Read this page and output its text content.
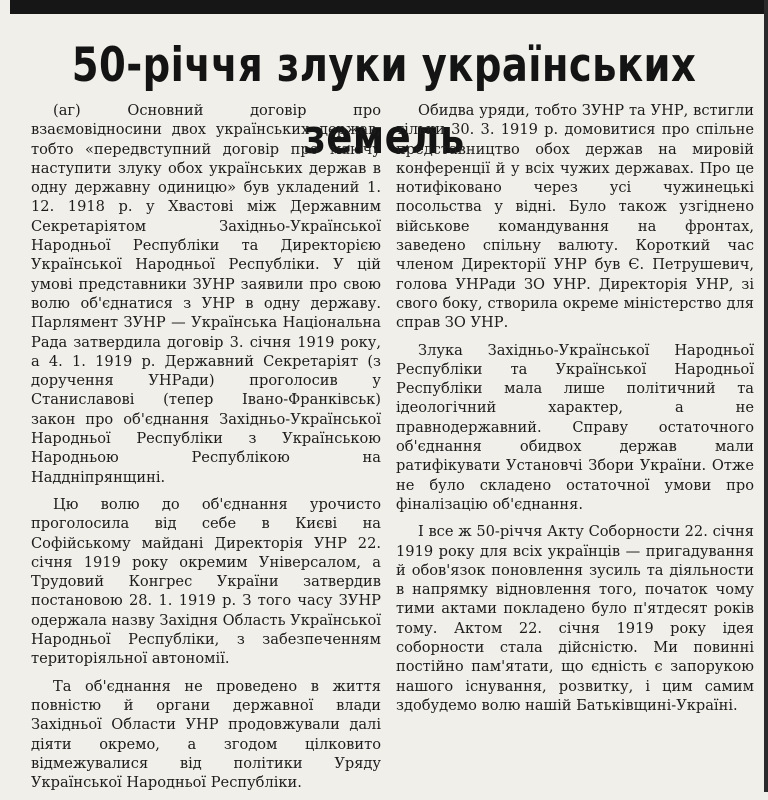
50-річчя злуки українських земель

(аг) Основний договір про взаємовідносини двох українських держав, тобто «передвступний договір про маючу наступити злуку обох українських держав в одну державну одиницю» був укладений 1. 12. 1918 р. у Хвастові між Державним Секретаріятом Західньо-Української Народньої Республіки та Директорією Української Народньої Республіки. У цій умові представники ЗУНР заявили про свою волю об'єднатися з УНР в одну державу. Парлямент ЗУНР — Українська Національна Рада затвердила договір 3. січня 1919 року, а 4. 1. 1919 р. Державний Секретаріят (з доручення УНРади) проголосив у Станиславові (тепер Івано-Франківськ) закон про об'єднання Західньо-Української Народньої Республіки з Українською Народньою Республікою на Наддніпрянщині.

Цю волю до об'єднання урочисто проголосила від себе в Києві на Софійському майдані Директорія УНР 22. січня 1919 року окремим Універсалом, а Трудовий Конгрес України затвердив постановою 28. 1. 1919 р. З того часу ЗУНР одержала назву Західня Область Української Народньої Республіки, з забезпеченням територіяльної автономії.

Та об'єднання не проведено в життя повністю й органи державної влади Західньої Области УНР продовжували далі діяти окремо, а згодом цілковито відмежувалися від політики Уряду Української Народньої Республіки.

Обидва уряди, тобто ЗУНР та УНР, встигли тільки 30. 3. 1919 р. домовитися про спільне представництво обох держав на мировій конференції й у всіх чужих державах. Про це нотифіковано через усі чужинецькі посольства у відні. Було також узгіднено військове командування на фронтах, заведено спільну валюту. Короткий час членом Директорії УНР був Є. Петрушевич, голова УНРади ЗО УНР. Директорія УНР, зі свого боку, створила окреме міністерство для справ ЗО УНР.

Злука Західньо-Української Народньої Республіки та Української Народньої Республіки мала лише політичний та ідеологічний характер, а не правнодержавний. Справу остаточного об'єднання обидвох держав мали ратифікувати Установчі Збори України. Отже не було складено остаточної умови про фіналізацію об'єднання.

І все ж 50-річчя Акту Соборности 22. січня 1919 року для всіх українців — пригадування й обов'язок поновлення зусиль та діяльности в напрямку відновлення того, початок чому тими актами покладено було п'ятдесят років тому. Актом 22. січня 1919 року ідея соборности стала дійсністю. Ми повинні постійно пам'ятати, що єдність є запорукою нашого існування, розвитку, і цим самим здобудемо волю нашій Батьківщині-Україні.
